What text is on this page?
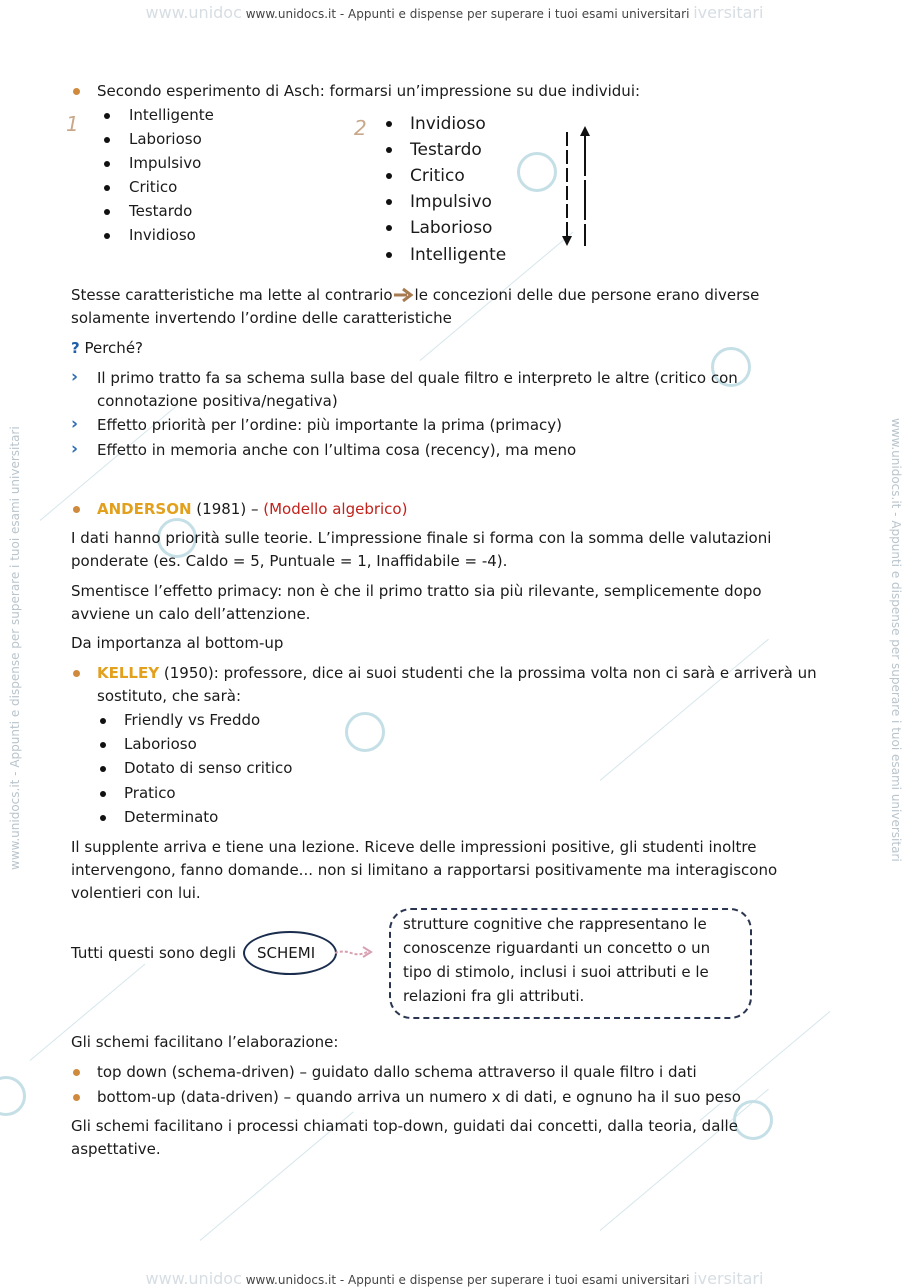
www.unidoc www.unidocs.it - Appunti e dispense per superare i tuoi esami universitari iversitari
www.unidocs.it - Appunti e dispense per superare i tuoi esami universitari	www.unidocs.it - Appunti e dispense per superare i tuoi esami universitari
Secondo esperimento di Asch: formarsi un’impressione su due individui:
1	2
Intelligente
Laborioso
Impulsivo
Critico
Testardo
Invidioso
Invidioso
Testardo
Critico
Impulsivo
Laborioso
Intelligente
Stesse caratteristiche ma lette al contrario le concezioni delle due persone erano diverse
solamente invertendo l’ordine delle caratteristiche
? Perché?
› Il primo tratto fa sa schema sulla base del quale filtro e interpreto le altre (critico con
connotazione positiva/negativa)
› Effetto priorità per l’ordine: più importante la prima (primacy)
› Effetto in memoria anche con l’ultima cosa (recency), ma meno
ANDERSON (1981) – (Modello algebrico)
I dati hanno priorità sulle teorie. L’impressione finale si forma con la somma delle valutazioni
ponderate (es. Caldo = 5, Puntuale = 1, Inaffidabile = -4).
Smentisce l’effetto primacy: non è che il primo tratto sia più rilevante, semplicemente dopo
avviene un calo dell’attenzione.
Da importanza al bottom-up
KELLEY (1950): professore, dice ai suoi studenti che la prossima volta non ci sarà e arriverà un
sostituto, che sarà:
Friendly vs Freddo
Laborioso
Dotato di senso critico
Pratico
Determinato
Il supplente arriva e tiene una lezione. Riceve delle impressioni positive, gli studenti inoltre
intervengono, fanno domande... non si limitano a rapportarsi positivamente ma interagiscono
volentieri con lui.
Tutti questi sono degli SCHEMI
strutture cognitive che rappresentano le
conoscenze riguardanti un concetto o un
tipo di stimolo, inclusi i suoi attributi e le
relazioni fra gli attributi.
Gli schemi facilitano l’elaborazione:
top down (schema-driven) – guidato dallo schema attraverso il quale filtro i dati
bottom-up (data-driven) – quando arriva un numero x di dati, e ognuno ha il suo peso
Gli schemi facilitano i processi chiamati top-down, guidati dai concetti, dalla teoria, dalle
aspettative.
www.unidoc www.unidocs.it - Appunti e dispense per superare i tuoi esami universitari iversitari
